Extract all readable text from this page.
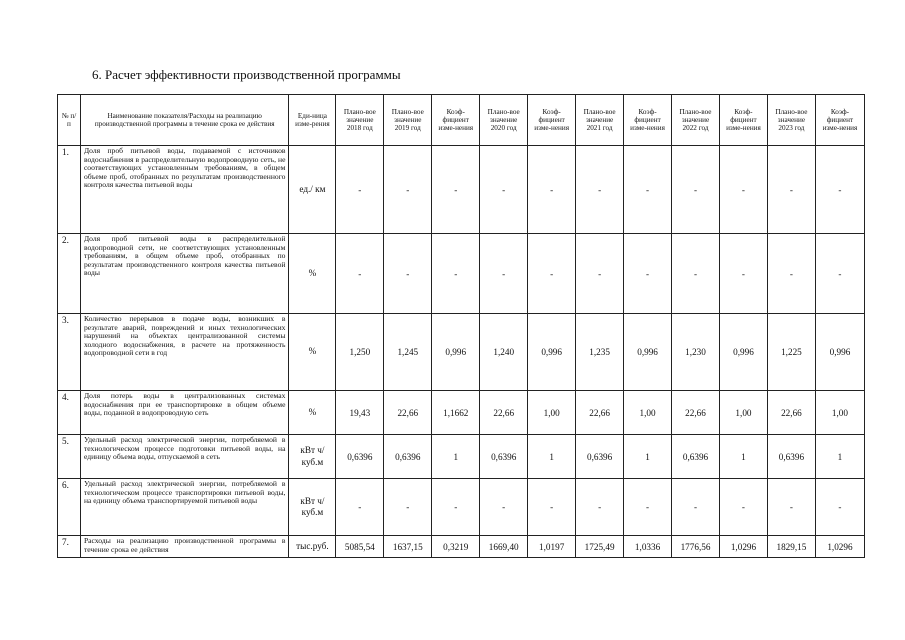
6. Расчет эффективности производственной программы
№ п/п	Наименование показателя/Расходы на реализацию производственной программы в течение срока ее действия	Еди-ница изме-рения	Плано-вое значение 2018 год	Плано-вое значение 2019 год	Коэф-фициент изме-нения	Плано-вое значение 2020 год	Коэф-фициент изме-нения	Плано-вое значение 2021 год	Коэф-фициент изме-нения	Плано-вое значение 2022 год	Коэф-фициент изме-нения	Плано-вое значение 2023 год	Коэф-фициент изме-нения
1.	Доля проб питьевой воды, подаваемой с источников водоснабжения в распределительную водопроводную сеть, не соответствующих установленным требованиям, в общем объеме проб, отобранных по результатам производственного контроля качества питьевой воды	ед./ км	-	-	-	-	-	-	-	-	-	-	-
2.	Доля проб питьевой воды в распределительной водопроводной сети, не соответствующих установленным требованиям, в общем объеме проб, отобранных по результатам производственного контроля качества питьевой воды	%	-	-	-	-	-	-	-	-	-	-	-
3.	Количество перерывов в подаче воды, возникших в результате аварий, повреждений и иных технологических нарушений на объектах централизованной системы холодного водоснабжения, в расчете на протяженность водопроводной сети в год	%	1,250	1,245	0,996	1,240	0,996	1,235	0,996	1,230	0,996	1,225	0,996
4.	Доля потерь воды в централизованных системах водоснабжения при ее транспортировке в общем объеме воды, поданной в водопроводную сеть	%	19,43	22,66	1,1662	22,66	1,00	22,66	1,00	22,66	1,00	22,66	1,00
5.	Удельный расход электрической энергии, потребляемой в технологическом процессе подготовки питьевой воды, на единицу объема воды, отпускаемой в сеть	кВт ч/куб.м	0,6396	0,6396	1	0,6396	1	0,6396	1	0,6396	1	0,6396	1
6.	Удельный расход электрической энергии, потребляемой в технологическом процессе транспортировки питьевой воды, на единицу объема транспортируемой питьевой воды	кВт ч/куб.м	-	-	-	-	-	-	-	-	-	-	-
7.	Расходы на реализацию производственной программы в течение срока ее действия	тыс.руб.	5085,54	1637,15	0,3219	1669,40	1,0197	1725,49	1,0336	1776,56	1,0296	1829,15	1,0296
